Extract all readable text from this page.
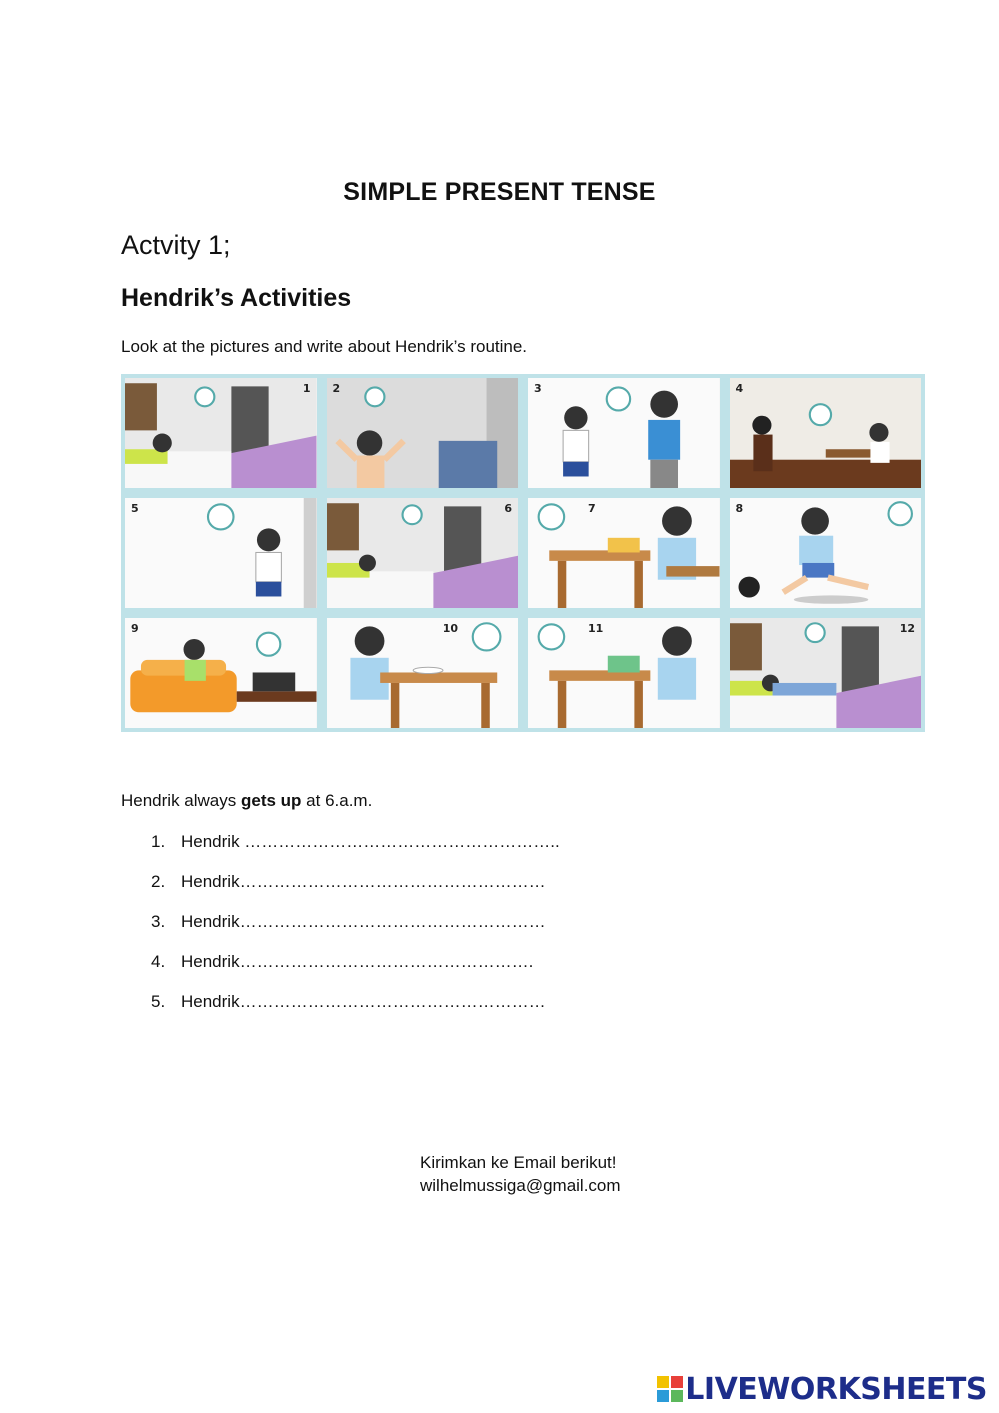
SIMPLE PRESENT TENSE
Actvity 1;
Hendrik’s Activities
Look at the pictures and write about Hendrik’s routine.
1 2	3	4
5	6	7	8
9	10	11	12
Hendrik always gets up at 6.a.m.
1. Hendrik ………………………………………………..
2. Hendrik………………………………………………
3. Hendrik………………………………………………
4. Hendrik…………………………………………….
5. Hendrik………………………………………………
Kirimkan ke Email berikut!
wilhelmussiga@gmail.com
LIVEWORKSHEETS
